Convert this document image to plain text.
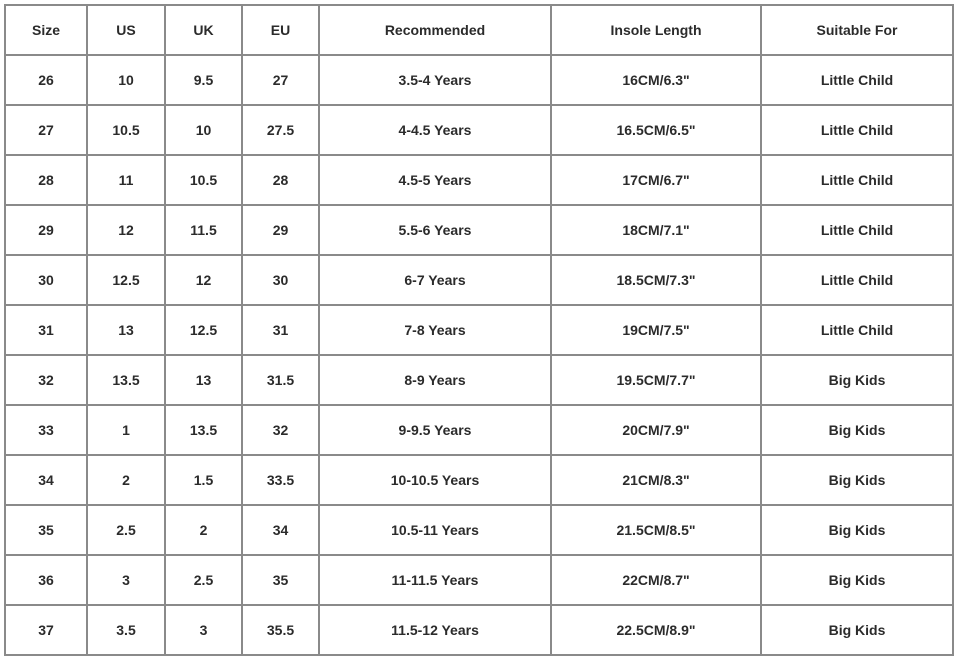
Size	US	UK	EU	Recommended	Insole Length	Suitable For
26	10	9.5	27	3.5-4 Years	16CM/6.3"	Little Child
27	10.5	10	27.5	4-4.5 Years	16.5CM/6.5"	Little Child
28	11	10.5	28	4.5-5 Years	17CM/6.7"	Little Child
29	12	11.5	29	5.5-6 Years	18CM/7.1"	Little Child
30	12.5	12	30	6-7 Years	18.5CM/7.3"	Little Child
31	13	12.5	31	7-8 Years	19CM/7.5"	Little Child
32	13.5	13	31.5	8-9 Years	19.5CM/7.7"	Big Kids
33	1	13.5	32	9-9.5 Years	20CM/7.9"	Big Kids
34	2	1.5	33.5	10-10.5 Years	21CM/8.3"	Big Kids
35	2.5	2	34	10.5-11 Years	21.5CM/8.5"	Big Kids
36	3	2.5	35	11-11.5 Years	22CM/8.7"	Big Kids
37	3.5	3	35.5	11.5-12 Years	22.5CM/8.9"	Big Kids
